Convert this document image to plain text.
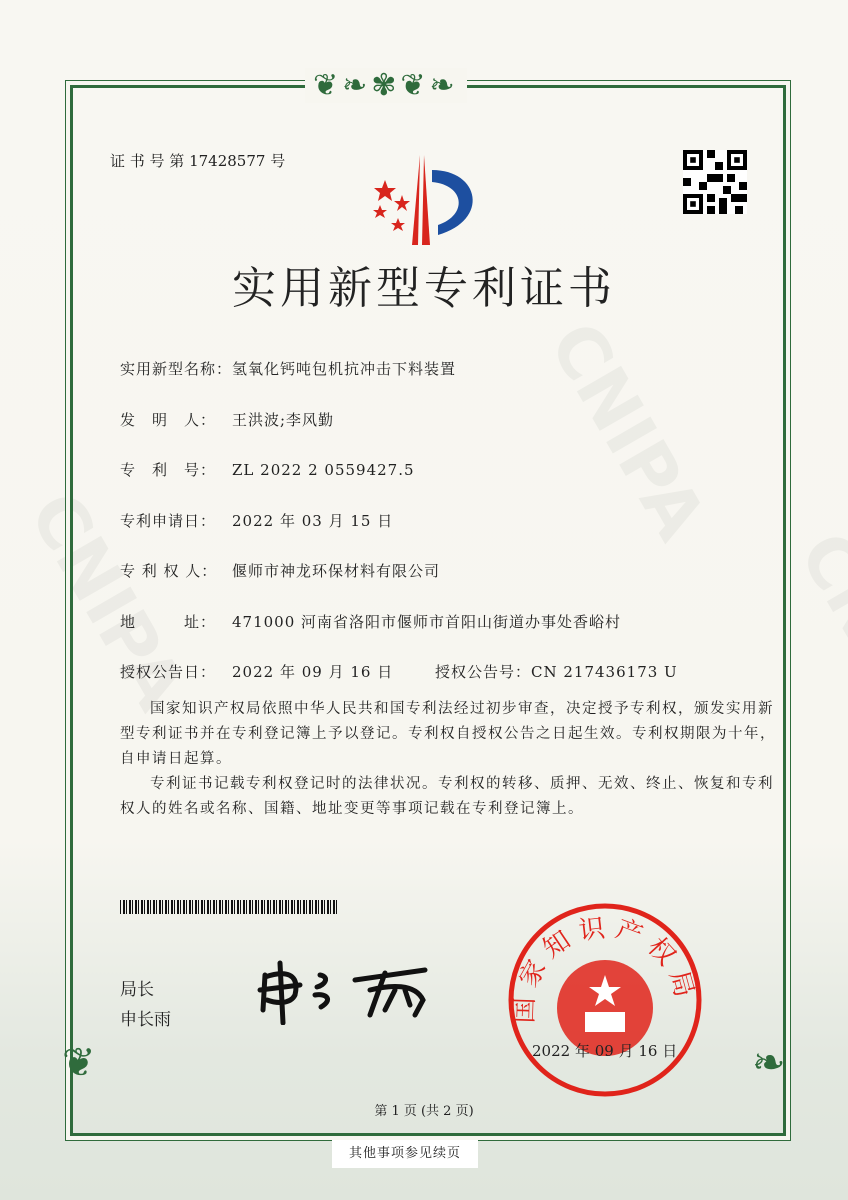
❦❧✾❦❧
❦	❧
证 书 号 第 17428577 号
实用新型专利证书
实用新型名称：氢氧化钙吨包机抗冲击下料装置
发　明　人： 王洪波;李风勤
专　利　号： ZL 2022 2 0559427.5
专利申请日： 2022 年 03 月 15 日
专 利 权 人： 偃师市神龙环保材料有限公司
地　　　址： 471000 河南省洛阳市偃师市首阳山街道办事处香峪村
授权公告日： 2022 年 09 月 16 日	授权公告号：CN 217436173 U
国家知识产权局依照中华人民共和国专利法经过初步审查，决定授予专利权，颁发实用新型专利证书并在专利登记簿上予以登记。专利权自授权公告之日起生效。专利权期限为十年，自申请日起算。
专利证书记载专利权登记时的法律状况。专利权的转移、质押、无效、终止、恢复和专利权人的姓名或名称、国籍、地址变更等事项记载在专利登记簿上。
局长
申长雨	国家知识产权局
2022 年 09 月 16 日
第 1 页 (共 2 页)
其他事项参见续页
